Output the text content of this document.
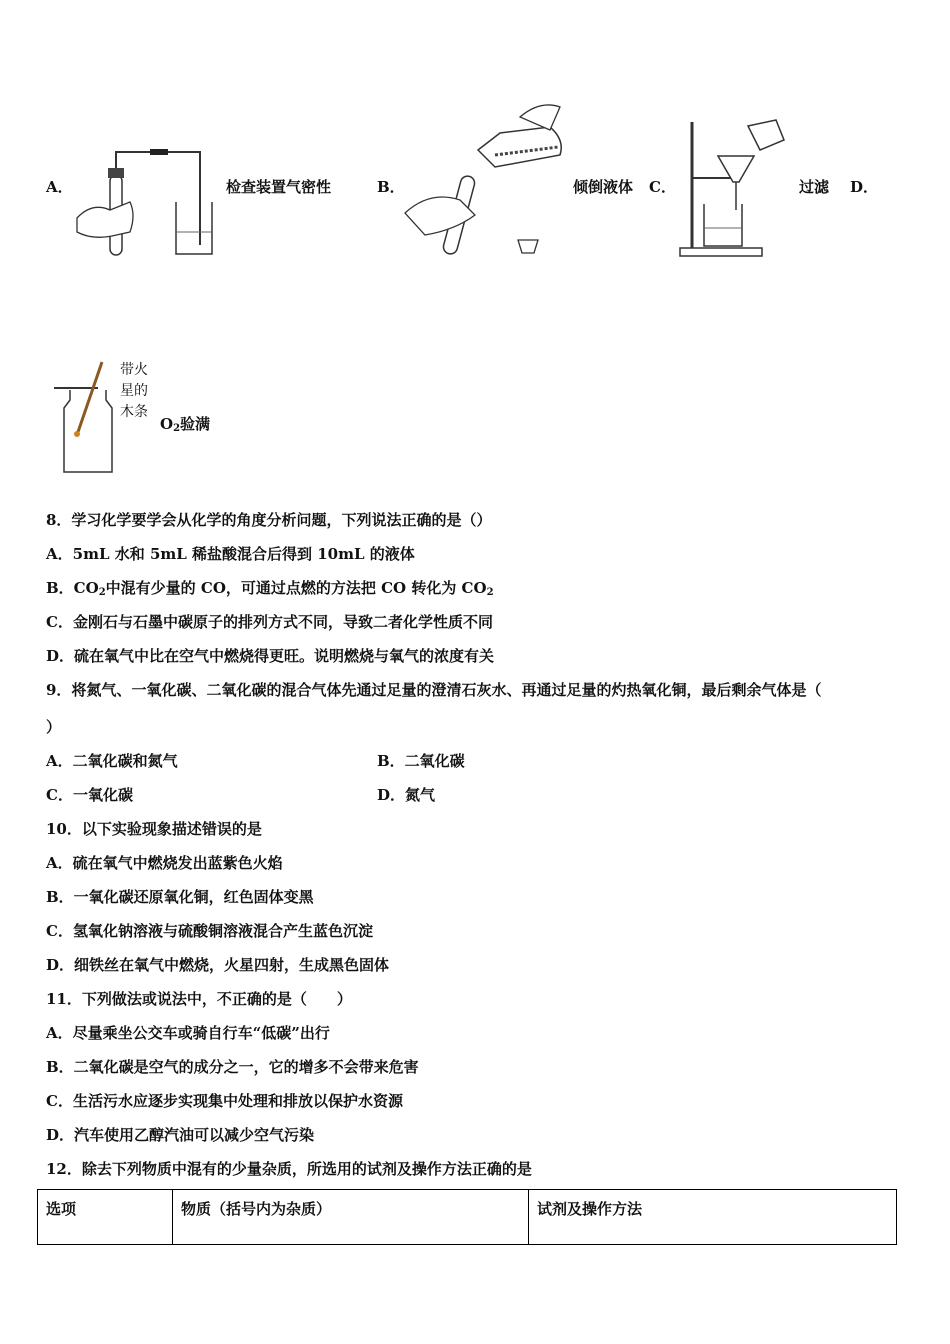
A．	检查装置气密性	B．	倾倒液体 C．	过滤 D．
带火
星的
木条
$O_2$验满
8．学习化学要学会从化学的角度分析问题，下列说法正确的是（）
A．5mL 水和 5mL 稀盐酸混合后得到 10mL 的液体
B．$CO_2$中混有少量的 CO，可通过点燃的方法把 CO 转化为 $CO_2$
C．金刚石与石墨中碳原子的排列方式不同，导致二者化学性质不同
D．硫在氧气中比在空气中燃烧得更旺。说明燃烧与氧气的浓度有关
9．将氮气、一氧化碳、二氧化碳的混合气体先通过足量的澄清石灰水、再通过足量的灼热氧化铜，最后剩余气体是（
）
A．二氧化碳和氮气	B．二氧化碳
C．一氧化碳	D．氮气
10．以下实验现象描述错误的是
A．硫在氧气中燃烧发出蓝紫色火焰
B．一氧化碳还原氧化铜，红色固体变黑
C．氢氧化钠溶液与硫酸铜溶液混合产生蓝色沉淀
D．细铁丝在氧气中燃烧，火星四射，生成黑色固体
11．下列做法或说法中，不正确的是（　　）
A．尽量乘坐公交车或骑自行车“低碳”出行
B．二氧化碳是空气的成分之一，它的增多不会带来危害
C．生活污水应逐步实现集中处理和排放以保护水资源
D．汽车使用乙醇汽油可以减少空气污染
12．除去下列物质中混有的少量杂质，所选用的试剂及操作方法正确的是
选项	物质（括号内为杂质）	试剂及操作方法
